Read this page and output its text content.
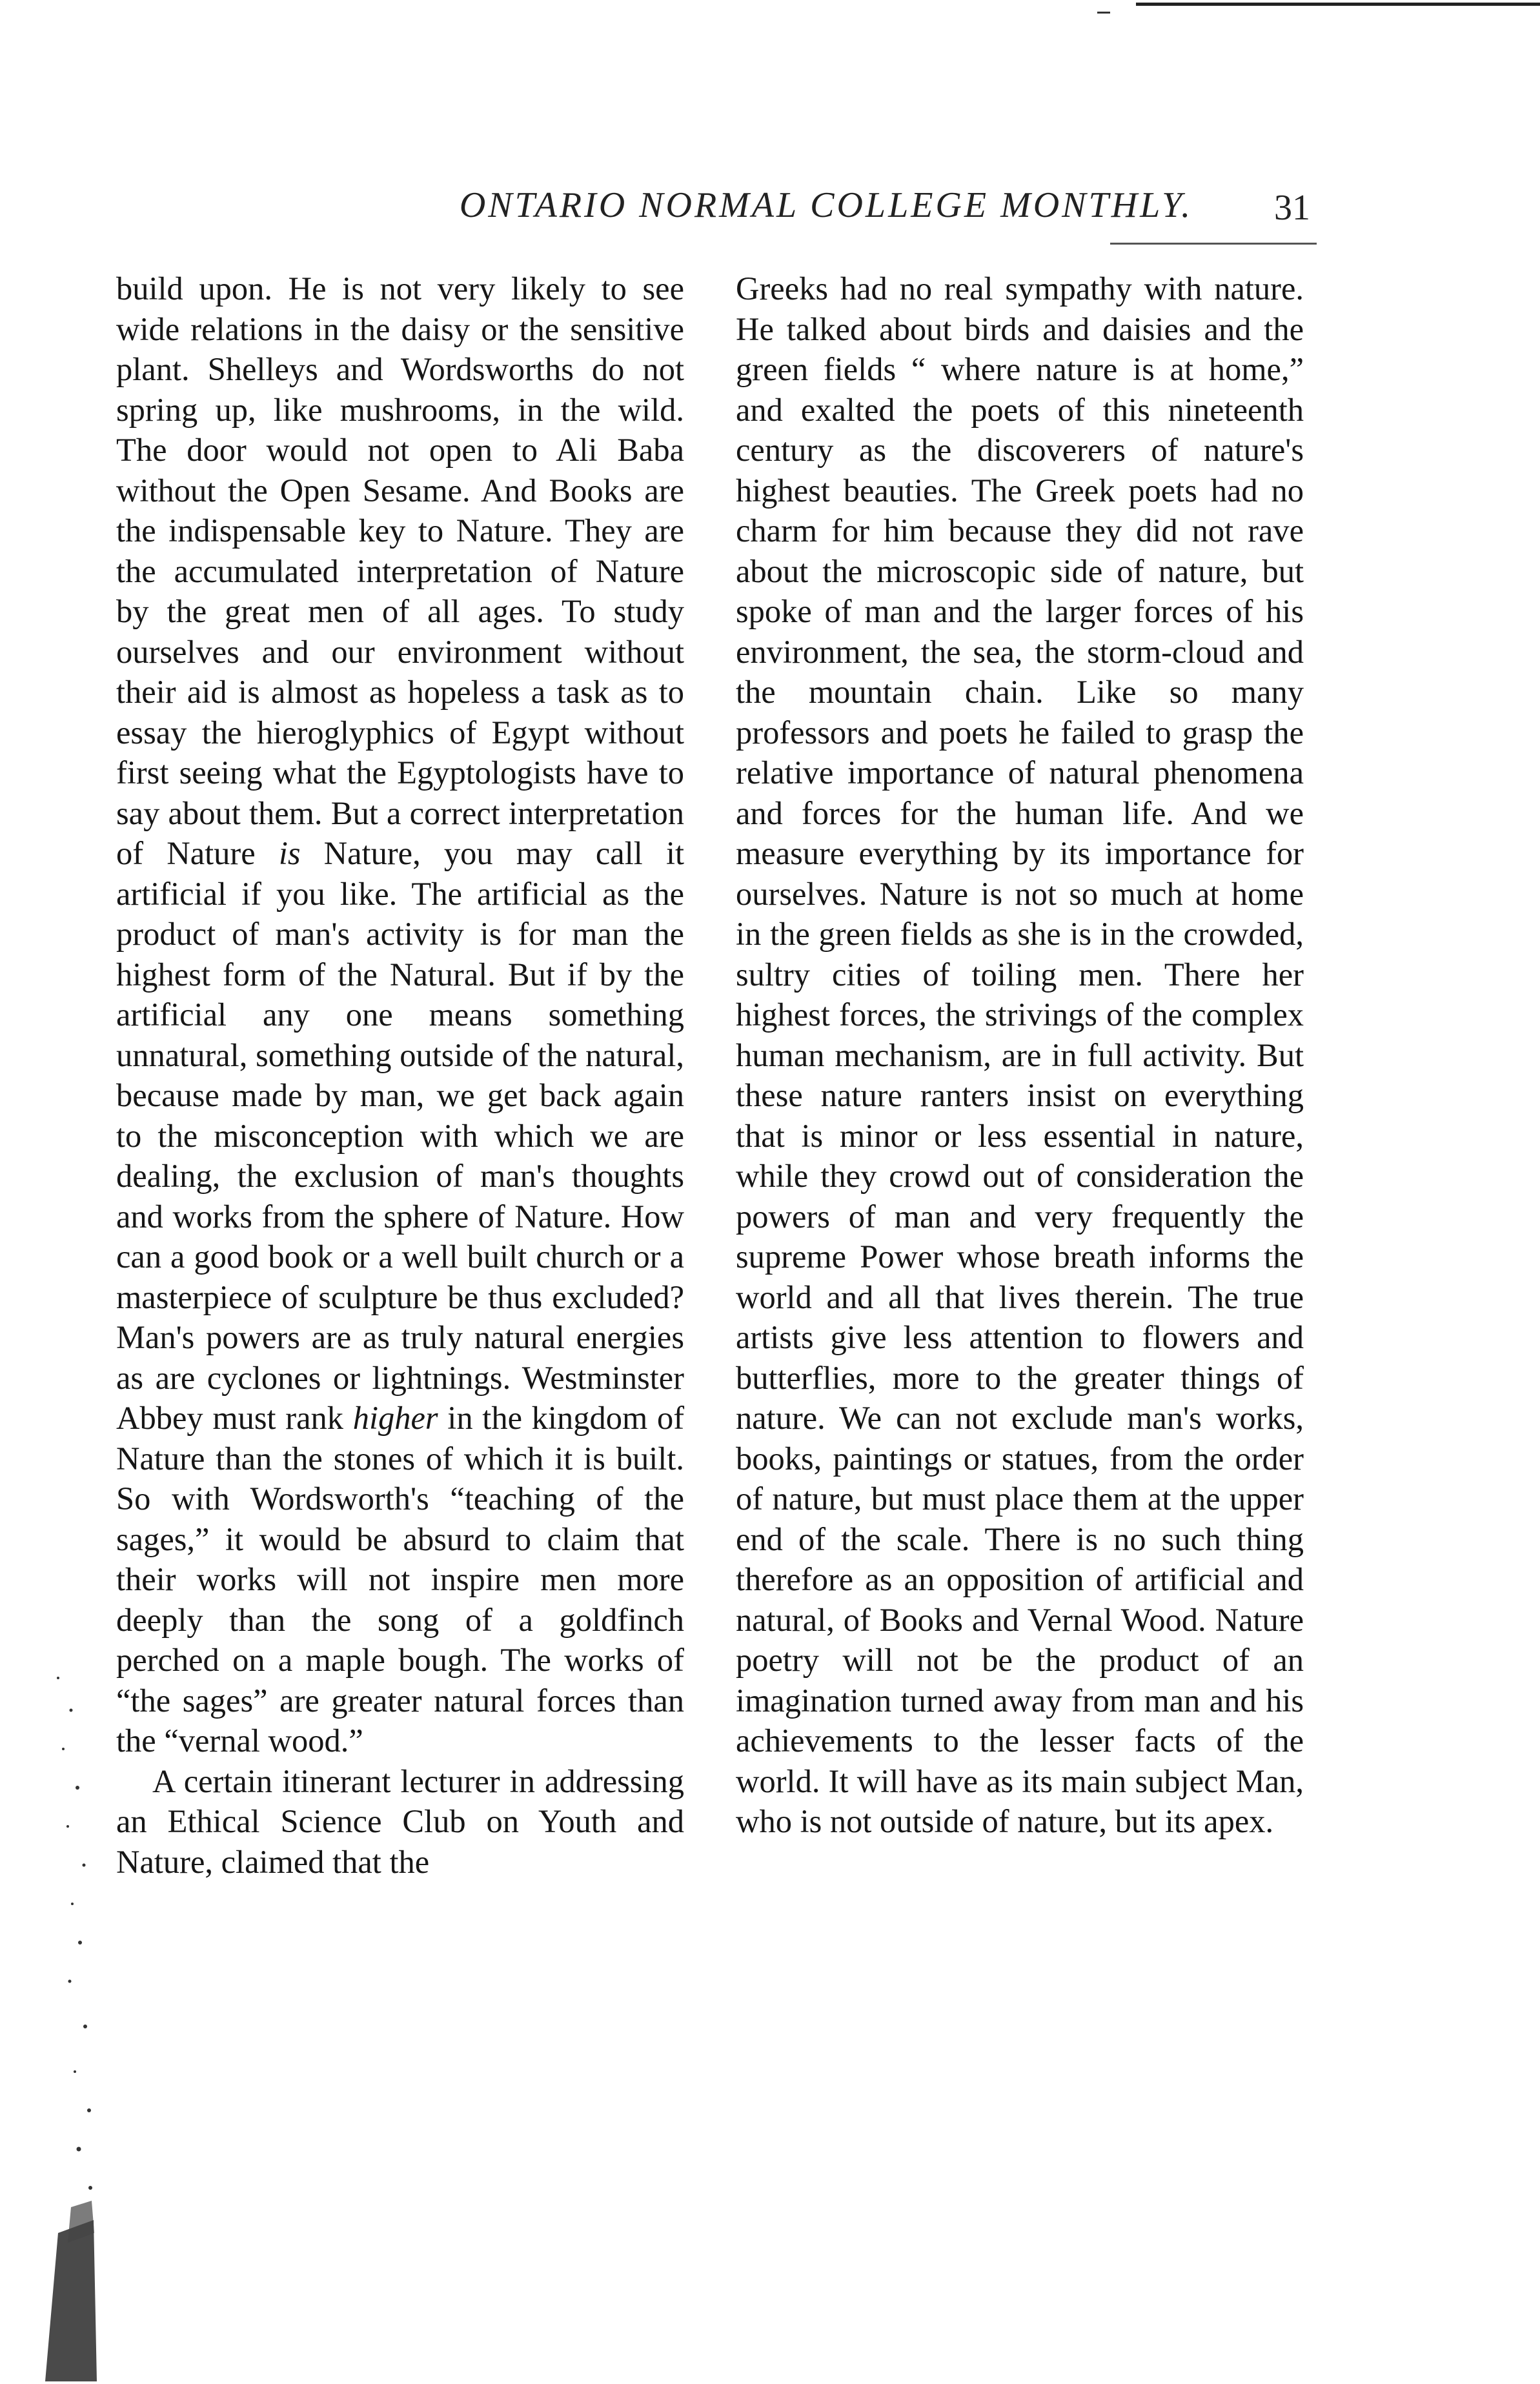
ONTARIO NORMAL COLLEGE MONTHLY.	31

build upon. He is not very likely to see wide relations in the daisy or the sensitive plant. Shelleys and Wordsworths do not spring up, like mushrooms, in the wild. The door would not open to Ali Baba without the Open Sesame. And Books are the indispensable key to Nature. They are the accumulated interpretation of Nature by the great men of all ages. To study ourselves and our environment without their aid is almost as hopeless a task as to essay the hieroglyphics of Egypt without first seeing what the Egyptologists have to say about them. But a correct interpretation of Nature is Nature, you may call it artificial if you like. The artificial as the product of man's activity is for man the highest form of the Natural. But if by the artificial any one means something unnatural, something outside of the natural, because made by man, we get back again to the misconception with which we are dealing, the exclusion of man's thoughts and works from the sphere of Nature. How can a good book or a well built church or a masterpiece of sculpture be thus excluded? Man's powers are as truly natural energies as are cyclones or lightnings. Westminster Abbey must rank higher in the kingdom of Nature than the stones of which it is built. So with Wordsworth's “teaching of the sages,” it would be absurd to claim that their works will not inspire men more deeply than the song of a goldfinch perched on a maple bough. The works of “the sages” are greater natural forces than the “vernal wood.”

A certain itinerant lecturer in addressing an Ethical Science Club on Youth and Nature, claimed that the

Greeks had no real sympathy with nature. He talked about birds and daisies and the green fields “ where nature is at home,” and exalted the poets of this nineteenth century as the discoverers of nature's highest beauties. The Greek poets had no charm for him because they did not rave about the microscopic side of nature, but spoke of man and the larger forces of his environment, the sea, the storm-cloud and the mountain chain. Like so many professors and poets he failed to grasp the relative importance of natural phenomena and forces for the human life. And we measure everything by its importance for ourselves. Nature is not so much at home in the green fields as she is in the crowded, sultry cities of toiling men. There her highest forces, the strivings of the complex human mechanism, are in full activity. But these nature ranters insist on everything that is minor or less essential in nature, while they crowd out of consideration the powers of man and very frequently the supreme Power whose breath informs the world and all that lives therein. The true artists give less attention to flowers and butterflies, more to the greater things of nature. We can not exclude man's works, books, paintings or statues, from the order of nature, but must place them at the upper end of the scale. There is no such thing therefore as an opposition of artificial and natural, of Books and Vernal Wood. Nature poetry will not be the product of an imagination turned away from man and his achievements to the lesser facts of the world. It will have as its main subject Man, who is not outside of nature, but its apex.
